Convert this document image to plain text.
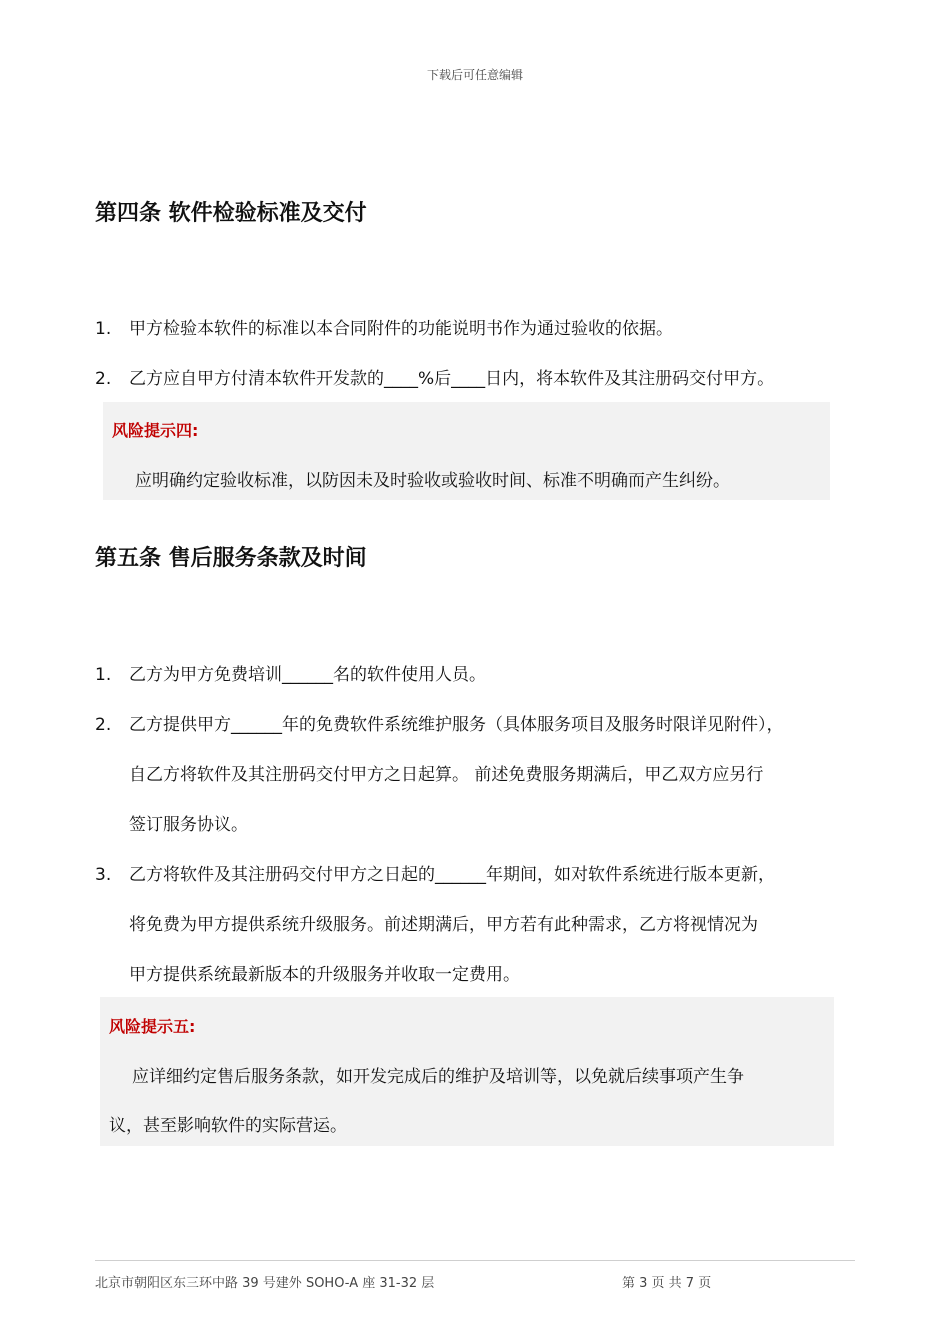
下载后可任意编辑
第四条 软件检验标准及交付
1. 甲方检验本软件的标准以本合同附件的功能说明书作为通过验收的依据。
2. 乙方应自甲方付清本软件开发款的____%后____日内，将本软件及其注册码交付甲方。
风险提示四:
应明确约定验收标准，以防因未及时验收或验收时间、标准不明确而产生纠纷。
第五条 售后服务条款及时间
1. 乙方为甲方免费培训______名的软件使用人员。
2. 乙方提供甲方______年的免费软件系统维护服务（具体服务项目及服务时限详见附件），
自乙方将软件及其注册码交付甲方之日起算。 前述免费服务期满后，甲乙双方应另行
签订服务协议。
3. 乙方将软件及其注册码交付甲方之日起的______年期间，如对软件系统进行版本更新，
将免费为甲方提供系统升级服务。前述期满后，甲方若有此种需求，乙方将视情况为
甲方提供系统最新版本的升级服务并收取一定费用。
风险提示五:
应详细约定售后服务条款，如开发完成后的维护及培训等，以免就后续事项产生争
议，甚至影响软件的实际营运。
北京市朝阳区东三环中路 39 号建外 SOHO-A 座 31-32 层	第 3 页 共 7 页
